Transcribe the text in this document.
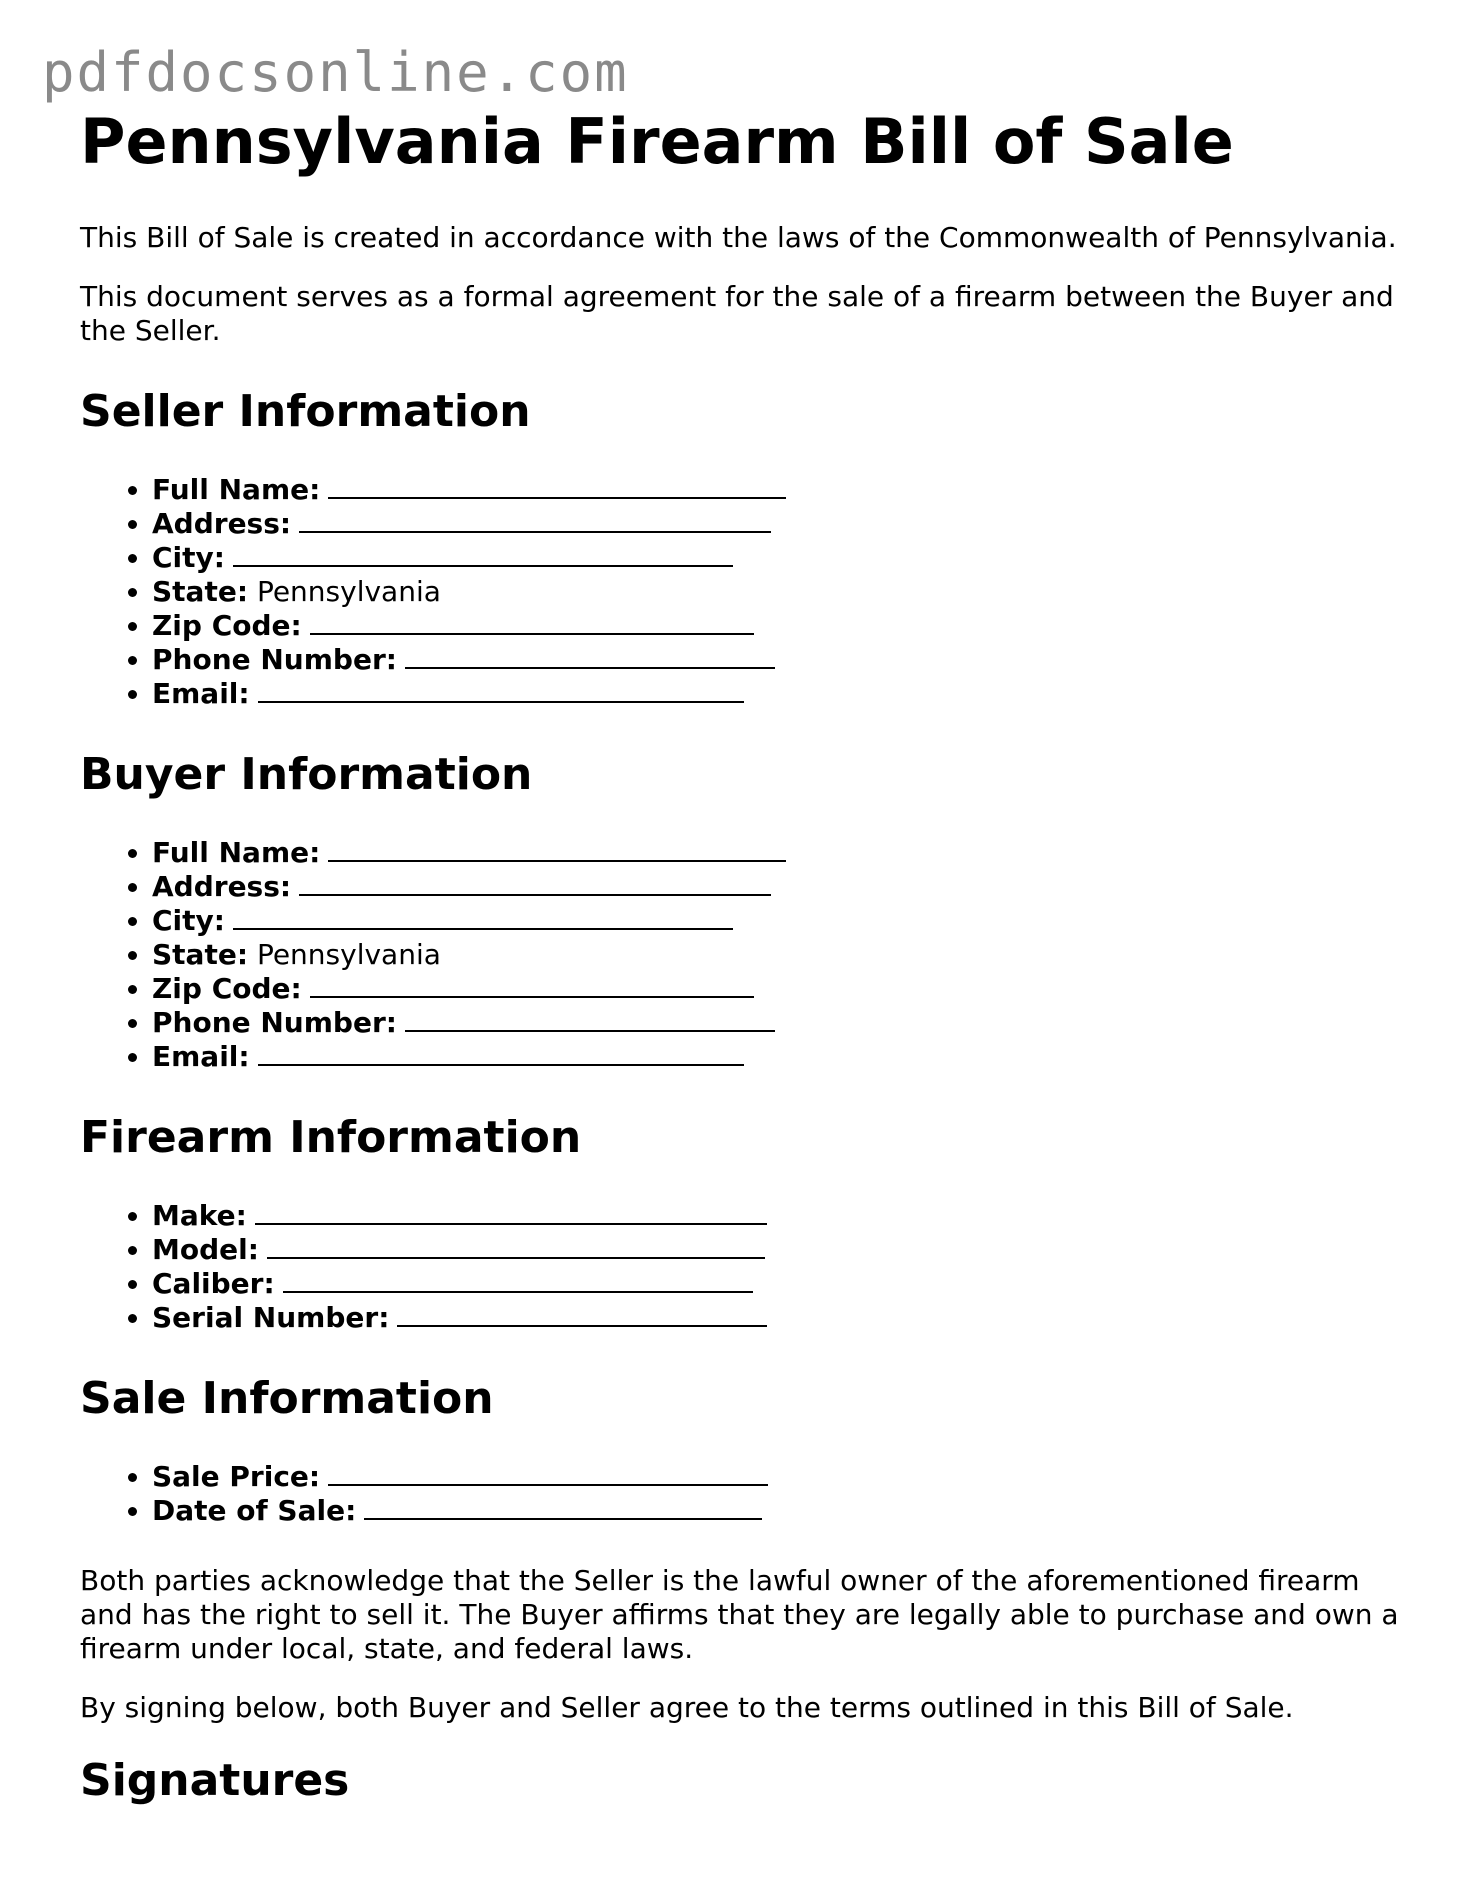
pdfdocsonline.com
Pennsylvania Firearm Bill of Sale

This Bill of Sale is created in accordance with the laws of the Commonwealth of Pennsylvania.

This document serves as a formal agreement for the sale of a firearm between the Buyer and the Seller.

Seller Information
• Full Name:
• Address:
• City:
• State: Pennsylvania
• Zip Code:
• Phone Number:
• Email:
Buyer Information
• Full Name:
• Address:
• City:
• State: Pennsylvania
• Zip Code:
• Phone Number:
• Email:
Firearm Information
• Make:
• Model:
• Caliber:
• Serial Number:
Sale Information
• Sale Price:
• Date of Sale:

Both parties acknowledge that the Seller is the lawful owner of the aforementioned firearm and has the right to sell it. The Buyer affirms that they are legally able to purchase and own a firearm under local, state, and federal laws.

By signing below, both Buyer and Seller agree to the terms outlined in this Bill of Sale.

Signatures
